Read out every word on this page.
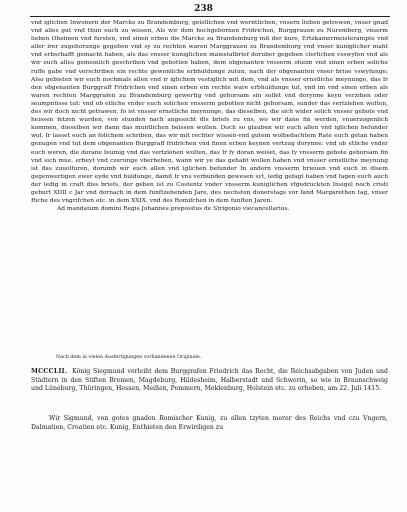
238

vnd iglichen Inwonern der Marcke zu Brandemburg, geistlichen vnd werntlichen, vnsern lieben getrewen, vnser gnad vnd alles gut vnd thun euch zu wissen, Als wir dem hochgebornen Fridrichen, Burggrauen zu Nuremberg, vnserm lieben Oheimen vnd fursten, vnd sinen erben die Marcke zu Brandemburg mit der kure, Ertzkamermeisterampte vnd aller irer zugehorunge gegeben vnd sy zu rechten waren Marggrauen zu Brandemburg vnd vnser kuniglicher maht vnd erbschafft gemacht haben, als das vnsser kuniglichen maiestatbrief doruber gegeben clerlichen vsswyfen vnd als wir euch alles gemeinlich geschriben vnd gebotten haben, dem obgenanten vnsserm oheim vnd sinen erben soliche ruffe gabe vnd verschriben ein rechte gewonliche erbhuldunge zutun, nach der obgenanten vnser briue vswyfunge; Also gebieten wir euch nochmals allen vnd ir iglichem vestiglich mit dem, vnd als vnsser ernstliche meynunge, das Ir den obgenanten Burggraff Fridrichen vnd sinen erben ein rechte ware erbhuldunge tut, vnd im vnd sinen erben als waren rechten Marggrafen zu Brandemburg gewertig vnd gehorsam sin sollet vnd dorynne keyn verzihen oder seumpnüsse tut: vnd ob etliche vnder euch solichen vnsserm gebotten nicht gehorsam, sunder das vertziehen wolten, des wir doch nicht getrawen, fo ist vnsser ernstliche meynunge, das dieselben, die sich wider solich vnsser gebote vnd heissen fetzen wurden, von stunden nach angesicht dis briefs zu vns, wo wir dane fin werden, vnuerzogenlich kommen, dieselben wir dann das muntlichen heissen wollen. Doch so glauben wir euch allen vnd iglichen befunder wol, Ir lasset euch an folichem schriben, das wir mit rechter wissen-vnd gutem wolbedachtem Rate euch getan haben genugen vnd tut dem obgenanten Burggraff fridrichen vnd finen erben keynen vertzug dorynne: vnd ob etliche vnder euch weren, die dorane feumig vnd das vertziehen wolten, das Ir fy doran weiset, das fy vnsserm gebote gehorsam fin vnd sich mue, erbeyt vnd czerunge vberheben, wann wir ye das gehabt wollen haben vnd vnsser ernstliche meynung ist das zuuolfuren, dorumb wir euch allen vnd iglichen befunder In andern vnsserm brieuen vnd euch in disem gegenwertigen ewer eyde vnd huldunge, damit Ir vns verbunden gewesen syt, ledig gefagt haben vnd fagen euch auch der ledig in craft diss briefs, der geben ist zu Costentz vnder vnsserm kuniglichen vfgedruckten Insigel noch cristi geburt XIIII c Jar vnd dornach in dem funftzehenden Jare, des nechsten donerstags vor fand Margarethen tag, vnser Riche des vngrifchen etc. in dem XXIX. vnd des Romifchen in dem funften Jaren.

Ad mandatum domini Regis Johannes prepositus de Strigonio viecancellarius.

Nach dem in vielen Ausfertigungen vorhandenen Originale.
MCCCLII. König Siegmund verleiht dem Burggrafen Friedrich das Recht, die Reichsabgaben von Juden und Städtern in den Stiften Bremen, Magdeburg, Hildesheim, Halberstadt und Schwerin, so wie in Braunschweig und Lüneburg, Thüringen, Hessen, Meißen, Pommern, Meklenburg, Holstein etc. zu erheben, am 22. Juli 1415.
Wir Sigmund, von gotes gnaden Romischer Kunig, zu allen tzyten merer des Reichs vnd czu Vngern, Dalmatien, Croatien etc. Kunig, Enthieten den Erwirdigen zu
